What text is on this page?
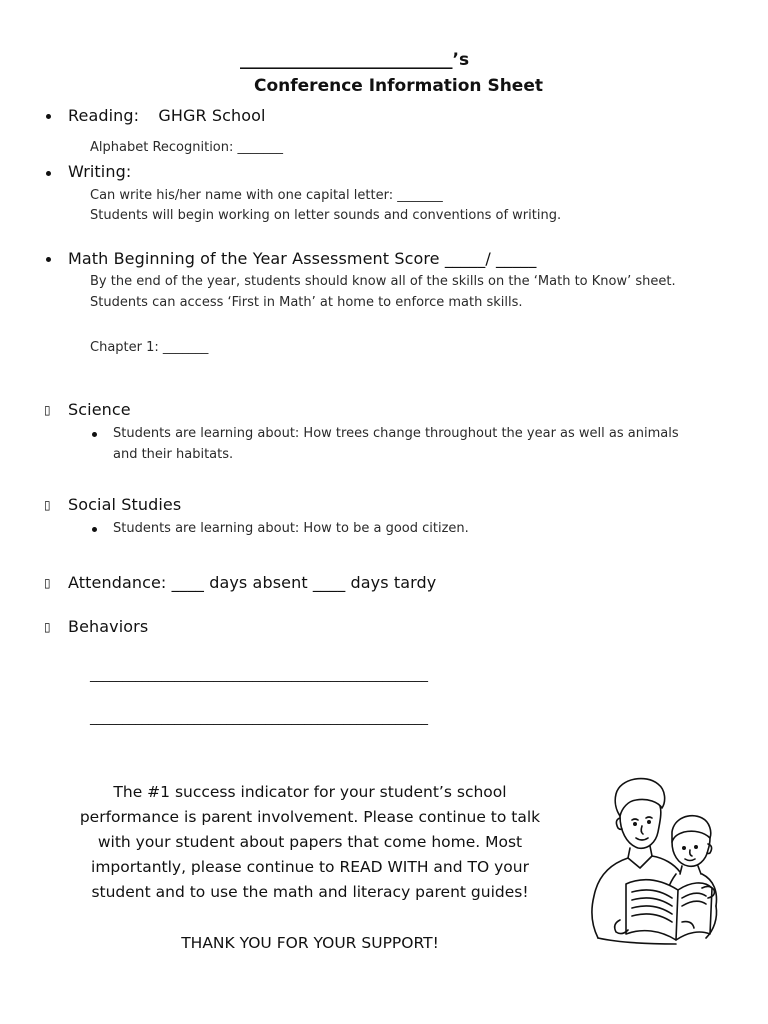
_________________________’s
Conference Information Sheet
Reading: GHGR School
Alphabet Recognition: _______
Writing:
Can write his/her name with one capital letter: _______
Students will begin working on letter sounds and conventions of writing.
Math Beginning of the Year Assessment Score _____/ _____
By the end of the year, students should know all of the skills on the ‘Math to Know’ sheet.
Students can access ‘First in Math’ at home to enforce math skills.
Chapter 1: _______
▯ Science
Students are learning about: How trees change throughout the year as well as animals
and their habitats.
▯ Social Studies
Students are learning about: How to be a good citizen.
▯ Attendance: ____ days absent ____ days tardy
▯ Behaviors
____________________________________________________
____________________________________________________

The #1 success indicator for your student’s school

performance is parent involvement. Please continue to talk

with your student about papers that come home. Most

importantly, please continue to READ WITH and TO your

student and to use the math and literacy parent guides!

THANK YOU FOR YOUR SUPPORT!
